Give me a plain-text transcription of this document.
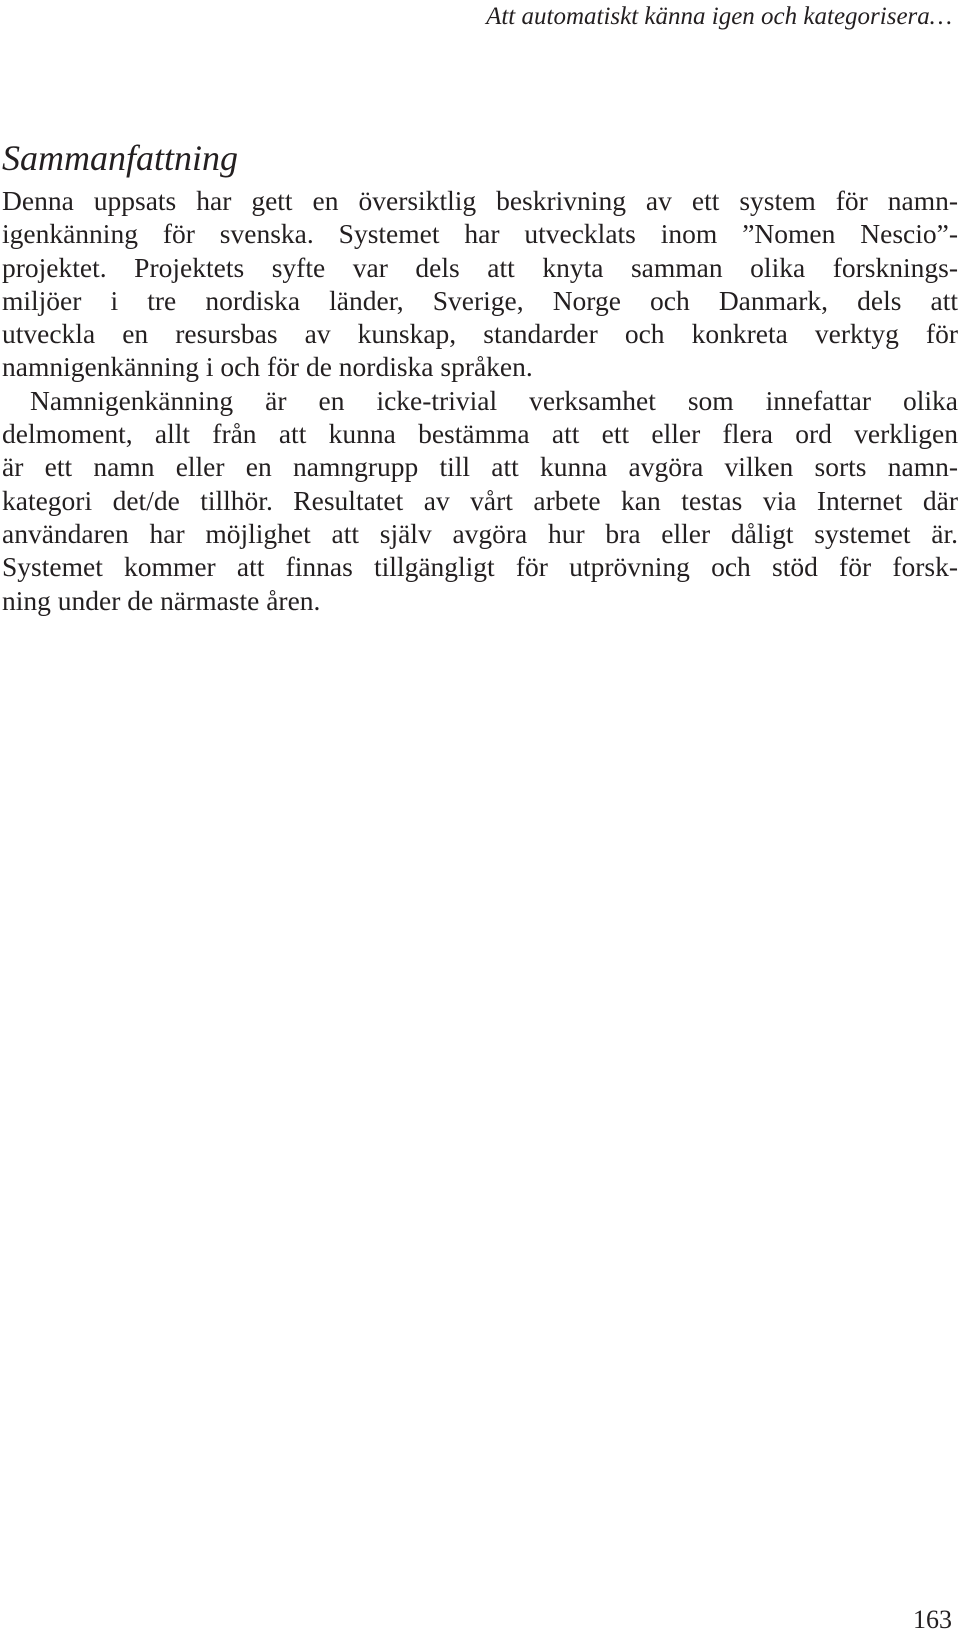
Att automatiskt känna igen och kategorisera…

Sammanfattning

Denna uppsats har gett en översiktlig beskrivning av ett system för namn-

igenkänning för svenska. Systemet har utvecklats inom ”Nomen Nescio”-

projektet. Projektets syfte var dels att knyta samman olika forsknings-

miljöer i tre nordiska länder, Sverige, Norge och Danmark, dels att

utveckla en resursbas av kunskap, standarder och konkreta verktyg för

namnigenkänning i och för de nordiska språken.

Namnigenkänning är en icke-trivial verksamhet som innefattar olika

delmoment, allt från att kunna bestämma att ett eller flera ord verkligen

är ett namn eller en namngrupp till att kunna avgöra vilken sorts namn-

kategori det/de tillhör. Resultatet av vårt arbete kan testas via Internet där

användaren har möjlighet att själv avgöra hur bra eller dåligt systemet är.

Systemet kommer att finnas tillgängligt för utprövning och stöd för forsk-

ning under de närmaste åren.

163
